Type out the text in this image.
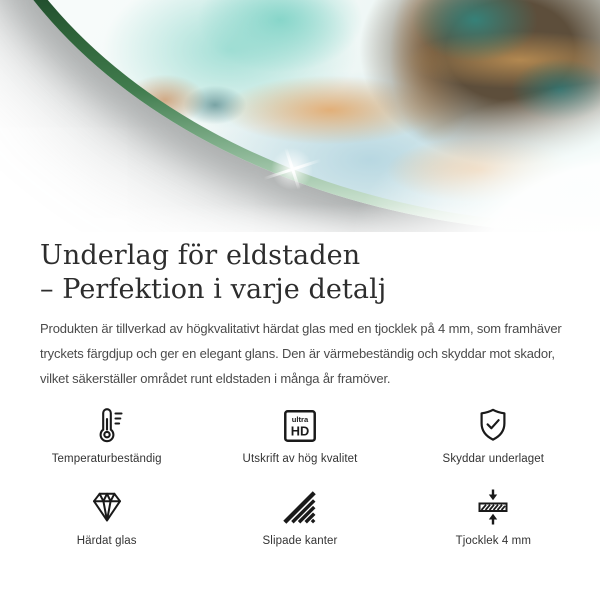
Underlag för eldstaden
– Perfektion i varje detalj
Produkten är tillverkad av högkvalitativt härdat glas med en tjocklek på 4 mm, som framhäver
tryckets färgdjup och ger en elegant glans. Den är värmebeständig och skyddar mot skador,
vilket säkerställer området runt eldstaden i många år framöver.
Temperaturbeständig
ultra
HD
Utskrift av hög kvalitet	Skyddar underlaget
Härdat glas	Slipade kanter	Tjocklek 4 mm
